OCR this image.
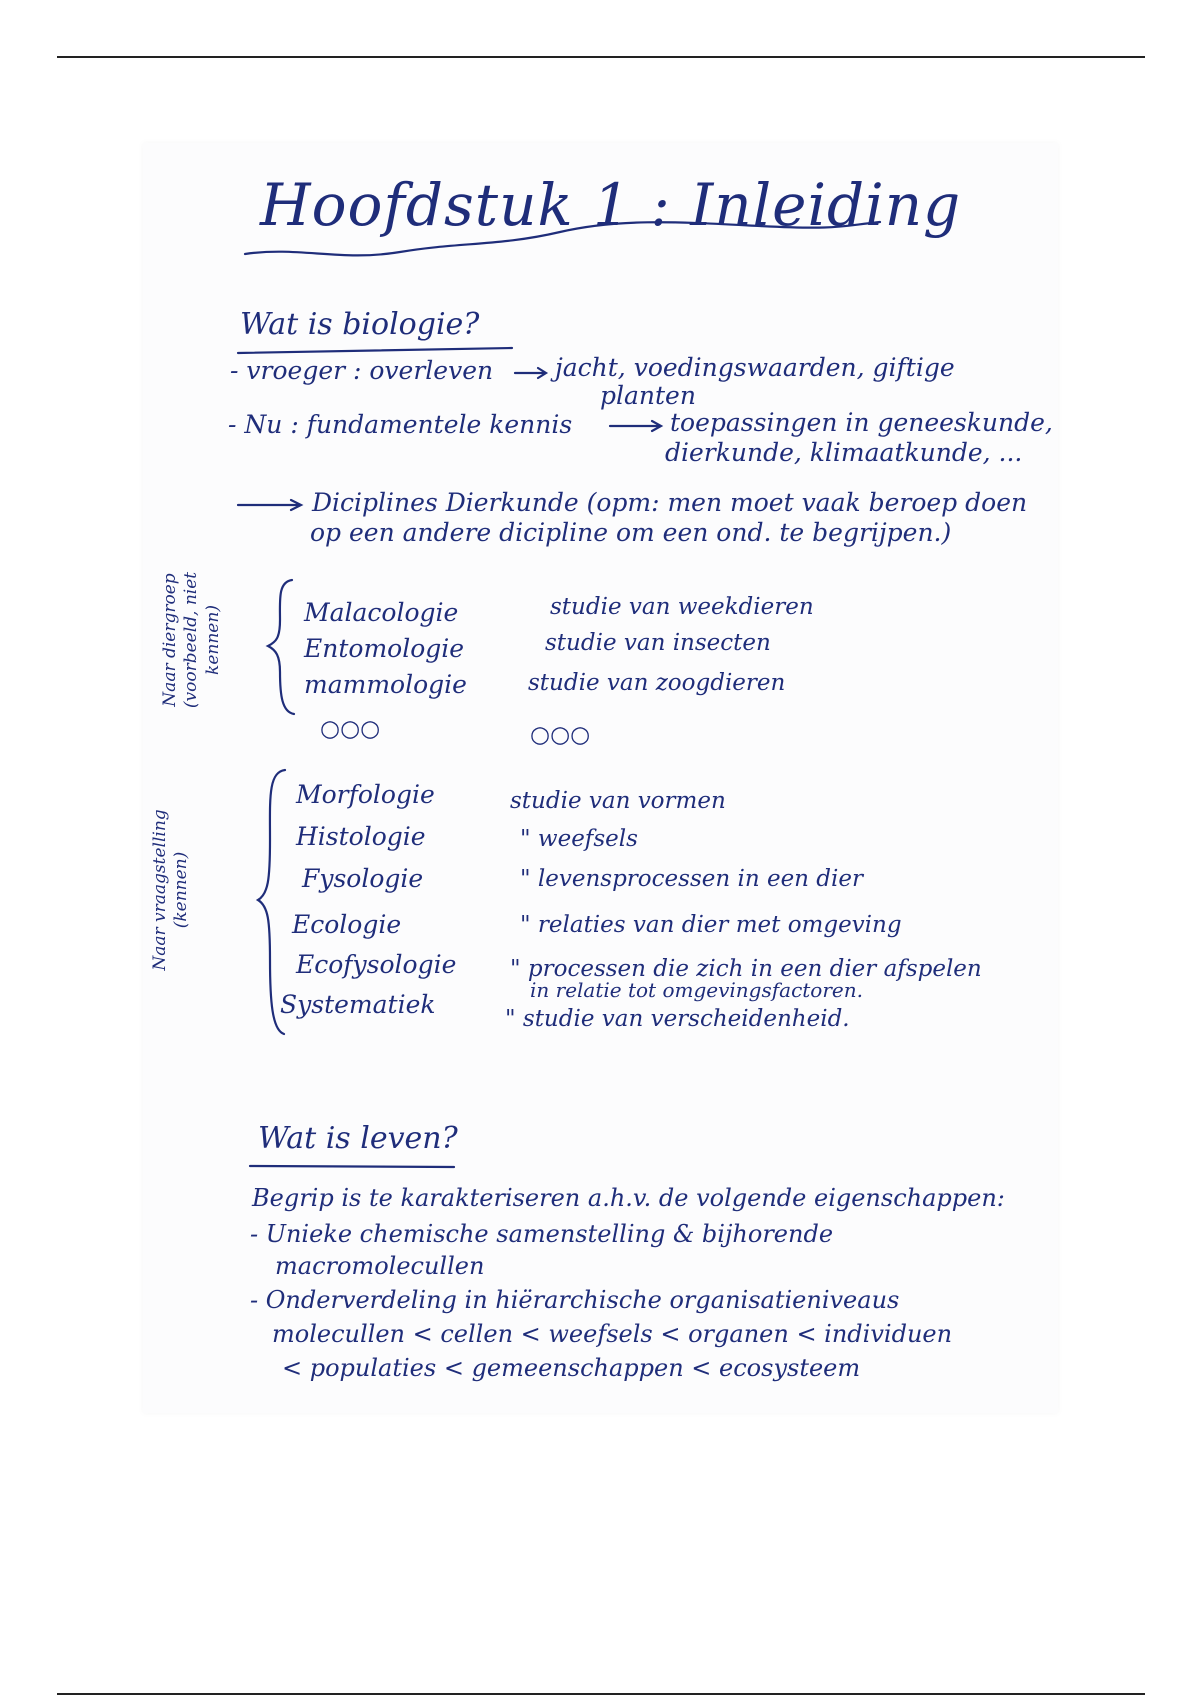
Hoofdstuk 1 : Inleiding
Wat is biologie?
- vroeger : overleven jacht, voedingswaarden, giftige
planten
- Nu : fundamentele kennis	toepassingen in geneeskunde,
dierkunde, klimaatkunde, ...
Diciplines Dierkunde (opm: men moet vaak beroep doen
op een andere dicipline om een ond. te begrijpen.)
Naar diergroep (voorbeeld, niet kennen)	Malacologie
Entomologie
mammologie
○○○
studie van weekdieren
studie van insecten
studie van zoogdieren
○○○
Naar vraagstelling (kennen)
Morfologie
Histologie
Fysologie
Ecologie
Ecofysologie
Systematiek
studie van vormen
" weefsels
" levensprocessen in een dier
" relaties van dier met omgeving
" processen die zich in een dier afspelen
in relatie tot omgevingsfactoren.
" studie van verscheidenheid.
Wat is leven?
Begrip is te karakteriseren a.h.v. de volgende eigenschappen:
- Unieke chemische samenstelling & bijhorende
macromolecullen
- Onderverdeling in hiërarchische organisatieniveaus
molecullen < cellen < weefsels < organen < individuen
< populaties < gemeenschappen < ecosysteem
